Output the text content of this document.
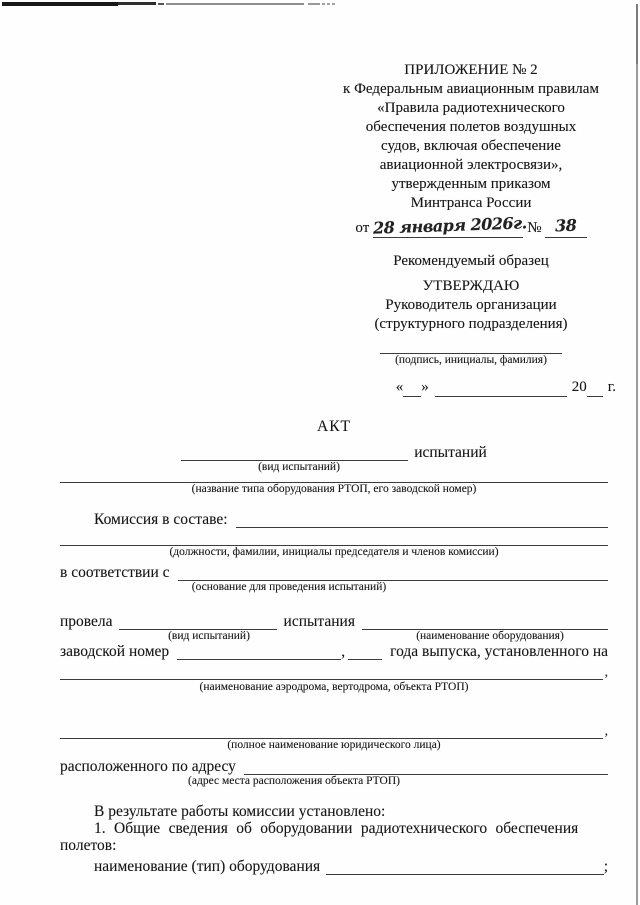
ПРИЛОЖЕНИЕ № 2
к Федеральным авиационным правилам
«Правила радиотехнического
обеспечения полетов воздушных
судов, включая обеспечение
авиационной электросвязи»,
утвержденным приказом
Минтранса России
от 28 января 2026г. № 38
Рекомендуемый образец
УТВЕРЖДАЮ
Руководитель организации
(структурного подразделения)
(подпись, инициалы, фамилия)
« »	20 г.
АКТ
испытаний
(вид испытаний)
(название типа оборудования РТОП, его заводской номер)
Комиссия в составе:
(должности, фамилии, инициалы председателя и членов комиссии)
в соответствии с
(основание для проведения испытаний)
провела	испытания
(вид испытаний)	(наименование оборудования)
заводской номер	,	года выпуска, установленного на
,
(наименование аэродрома, вертодрома, объекта РТОП)
,
(полное наименование юридического лица)
расположенного по адресу
(адрес места расположения объекта РТОП)
В результате работы комиссии установлено:
1. Общие сведения об оборудовании радиотехнического обеспечения
полетов:
наименование (тип) оборудования	;
